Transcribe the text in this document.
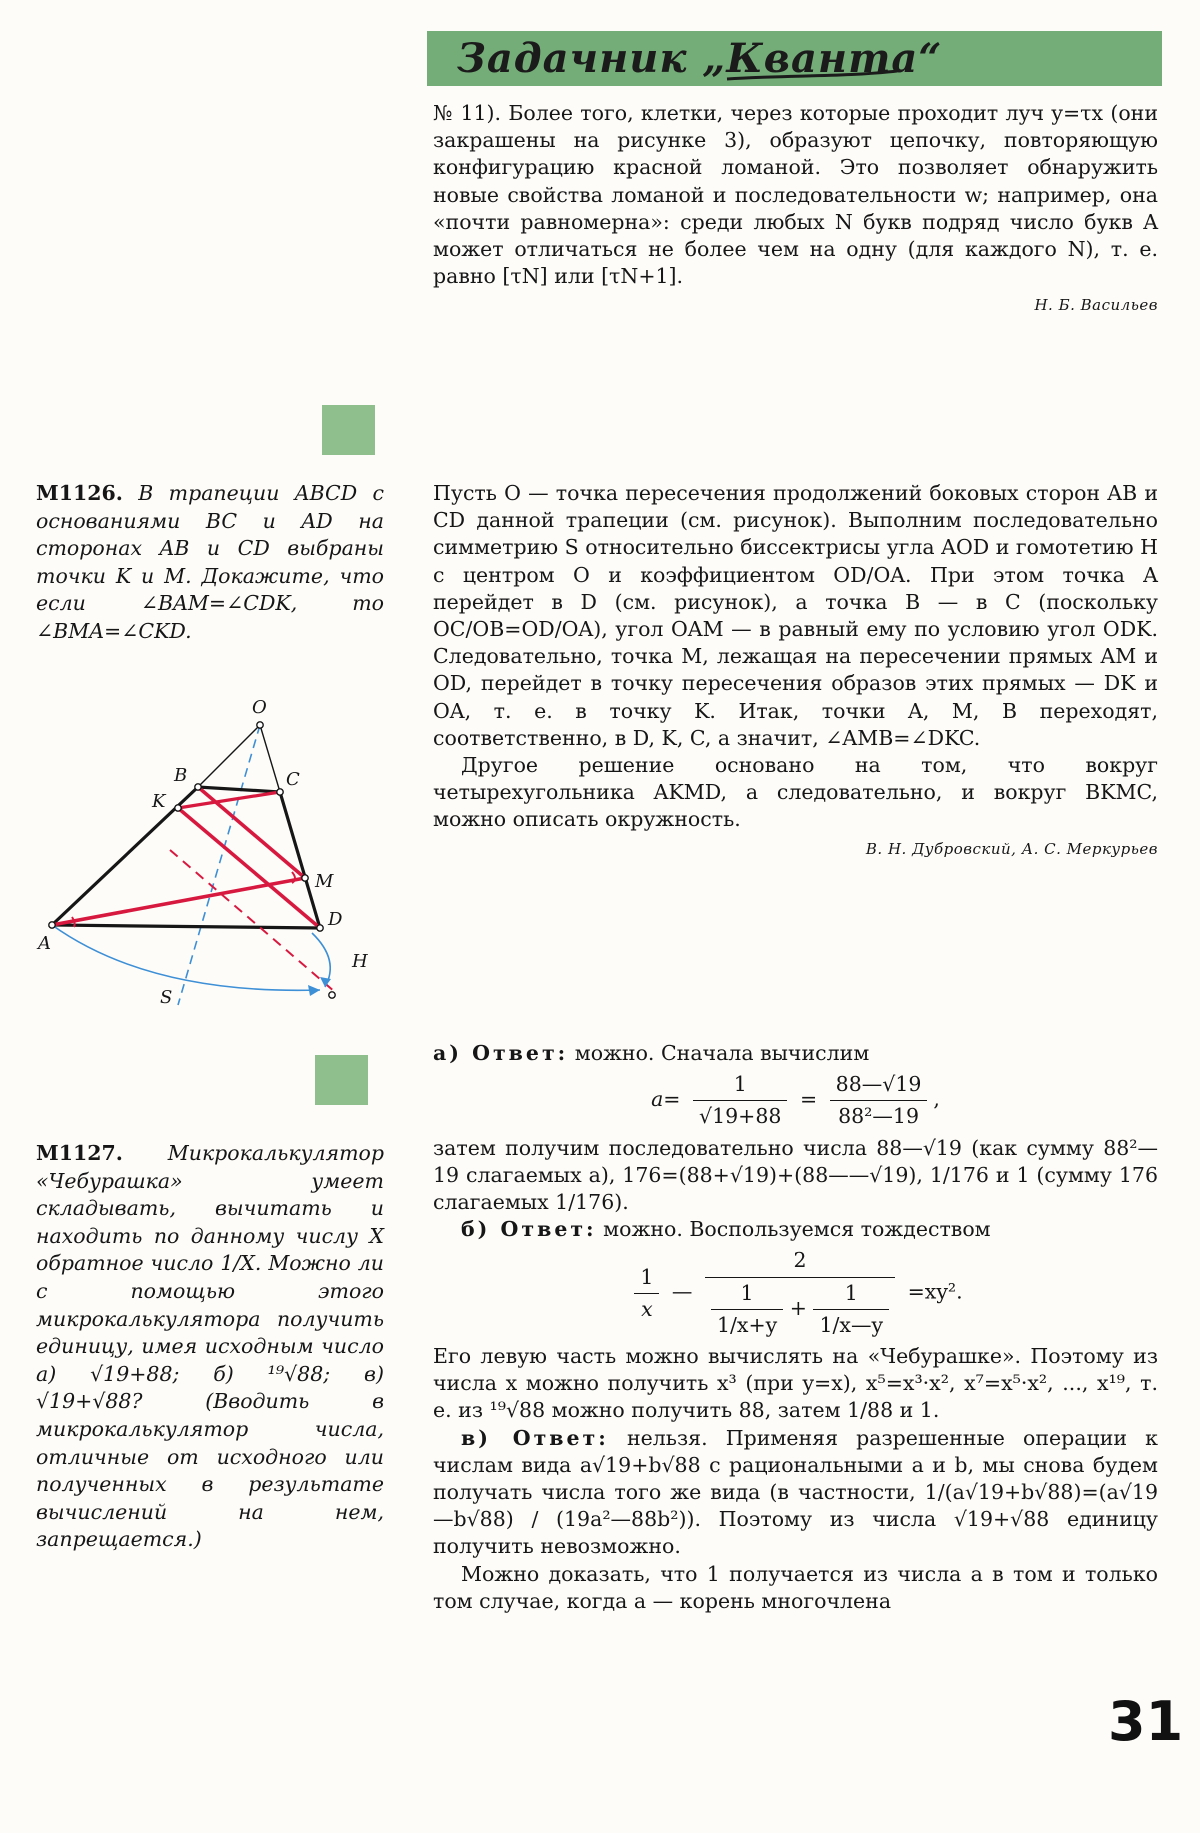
Задачник „Кванта“

№ 11). Более того, клетки, через которые проходит луч y=τx (они закрашены на рисунке 3), образуют цепочку, повторяющую конфигурацию красной ломаной. Это позволяет обнаружить новые свойства ломаной и последовательности w; например, она «почти равномерна»: среди любых N букв подряд число букв A может отличаться не более чем на одну (для каждого N), т. е. равно [τN] или [τN+1].

Н. Б. Васильев
М1126. В трапеции ABCD с основаниями BC и AD на сторонах AB и CD выбраны точки K и M. Докажите, что если ∠BAM=∠CDK, то ∠BMA=∠CKD.
O
B	C
K
M
A
D
H
S

Пусть O — точка пересечения продолжений боковых сторон AB и CD данной трапеции (см. рисунок). Выполним последовательно симметрию S относительно биссектрисы угла AOD и гомотетию H с центром O и коэффициентом OD/OA. При этом точка A перейдет в D (см. рисунок), а точка B — в C (поскольку OC/OB=OD/OA), угол OAM — в равный ему по условию угол ODK. Следовательно, точка M, лежащая на пересечении прямых AM и OD, перейдет в точку пересечения образов этих прямых — DK и OA, т. е. в точку K. Итак, точки A, M, B переходят, соответственно, в D, K, C, а значит, ∠AMB=∠DKC.

Другое решение основано на том, что вокруг четырехугольника AKMD, а следовательно, и вокруг BKMC, можно описать окружность.

В. Н. Дубровский, А. С. Меркурьев
М1127. Микрокалькулятор «Чебурашка» умеет складывать, вычитать и находить по данному числу X обратное число 1/X. Можно ли с помощью этого микрокалькулятора получить единицу, имея исходным число а) √19+88; б) ¹⁹√88; в) √19+√88? (Вводить в микрокалькулятор числа, отличные от исходного или полученных в результате вычислений на нем, запрещается.)

а) Ответ: можно. Сначала вычислим

$a= \frac{1}{√19+88} = \frac{88—√19}{\text{88²—19}}$ ,

затем получим последовательно числа 88—√19 (как сумму 88²—19 слагаемых a), 176=(88+√19)+(88——√19), 1/176 и 1 (сумму 176 слагаемых 1/176).

б) Ответ: можно. Воспользуемся тождеством

$\frac{1}{x}$ — $\frac{2}{\frac{1}{1/x+y} + \frac{1}{1/x—y}} =xy^2$.

Его левую часть можно вычислять на «Чебурашке». Поэтому из числа x можно получить x³ (при y=x), x⁵=x³·x², x⁷=x⁵·x², ..., x¹⁹, т. е. из ¹⁹√88 можно получить 88, затем 1/88 и 1.

в) Ответ: нельзя. Применяя разрешенные операции к числам вида a√19+b√88 с рациональными a и b, мы снова будем получать числа того же вида (в частности, 1/(a√19+b√88)=(a√19—b√88) / (19a²—88b²)). Поэтому из числа √19+√88 единицу получить невозможно.

Можно доказать, что 1 получается из числа a в том и только том случае, когда a — корень многочлена

31
